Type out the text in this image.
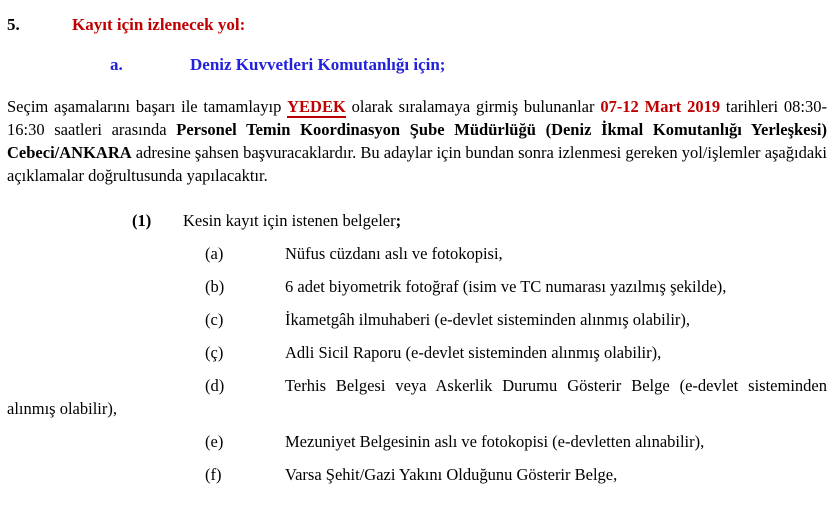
5.	Kayıt için izlenecek yol:
a.	Deniz Kuvvetleri Komutanlığı için;
Seçim aşamalarını başarı ile tamamlayıp YEDEK olarak sıralamaya girmiş bulunanlar 07-12 Mart 2019 tarihleri 08:30-16:30 saatleri arasında Personel Temin Koordinasyon Şube Müdürlüğü (Deniz İkmal Komutanlığı Yerleşkesi) Cebeci/ANKARA adresine şahsen başvuracaklardır. Bu adaylar için bundan sonra izlenmesi gereken yol/işlemler aşağıdaki açıklamalar doğrultusunda yapılacaktır.
(1) Kesin kayıt için istenen belgeler;
(a)	Nüfus cüzdanı aslı ve fotokopisi,
(b)	6 adet biyometrik fotoğraf (isim ve TC numarası yazılmış şekilde),
(c)	İkametgâh ilmuhaberi (e-devlet sisteminden alınmış olabilir),
(ç)	Adli Sicil Raporu (e-devlet sisteminden alınmış olabilir),
(d)	Terhis Belgesi veya Askerlik Durumu Gösterir Belge (e-devlet sisteminden alınmış olabilir),
(e)	Mezuniyet Belgesinin aslı ve fotokopisi (e-devletten alınabilir),
(f)	Varsa Şehit/Gazi Yakını Olduğunu Gösterir Belge,
